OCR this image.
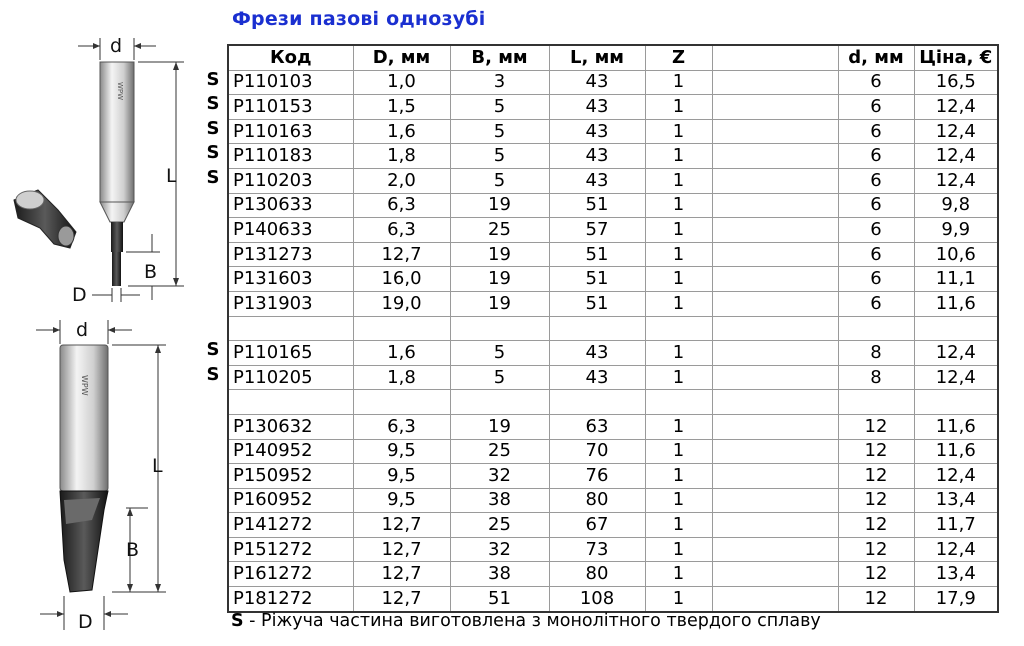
Фрези пазові однозубі
d
WPW
L
B
D
d
WPW
L
B
D
S
S
S
S
S
S
S
Код	D, мм	B, мм	L, мм	Z		d, мм	Ціна, €
P110103	1,0	3	43	1		6	16,5
P110153	1,5	5	43	1		6	12,4
P110163	1,6	5	43	1		6	12,4
P110183	1,8	5	43	1		6	12,4
P110203	2,0	5	43	1		6	12,4
P130633	6,3	19	51	1		6	9,8
P140633	6,3	25	57	1		6	9,9
P131273	12,7	19	51	1		6	10,6
P131603	16,0	19	51	1		6	11,1
P131903	19,0	19	51	1		6	11,6

P110165	1,6	5	43	1		8	12,4
P110205	1,8	5	43	1		8	12,4

P130632	6,3	19	63	1		12	11,6
P140952	9,5	25	70	1		12	11,6
P150952	9,5	32	76	1		12	12,4
P160952	9,5	38	80	1		12	13,4
P141272	12,7	25	67	1		12	11,7
P151272	12,7	32	73	1		12	12,4
P161272	12,7	38	80	1		12	13,4
P181272	12,7	51	108	1		12	17,9
S - Ріжуча частина виготовлена з монолітного твердого сплаву
